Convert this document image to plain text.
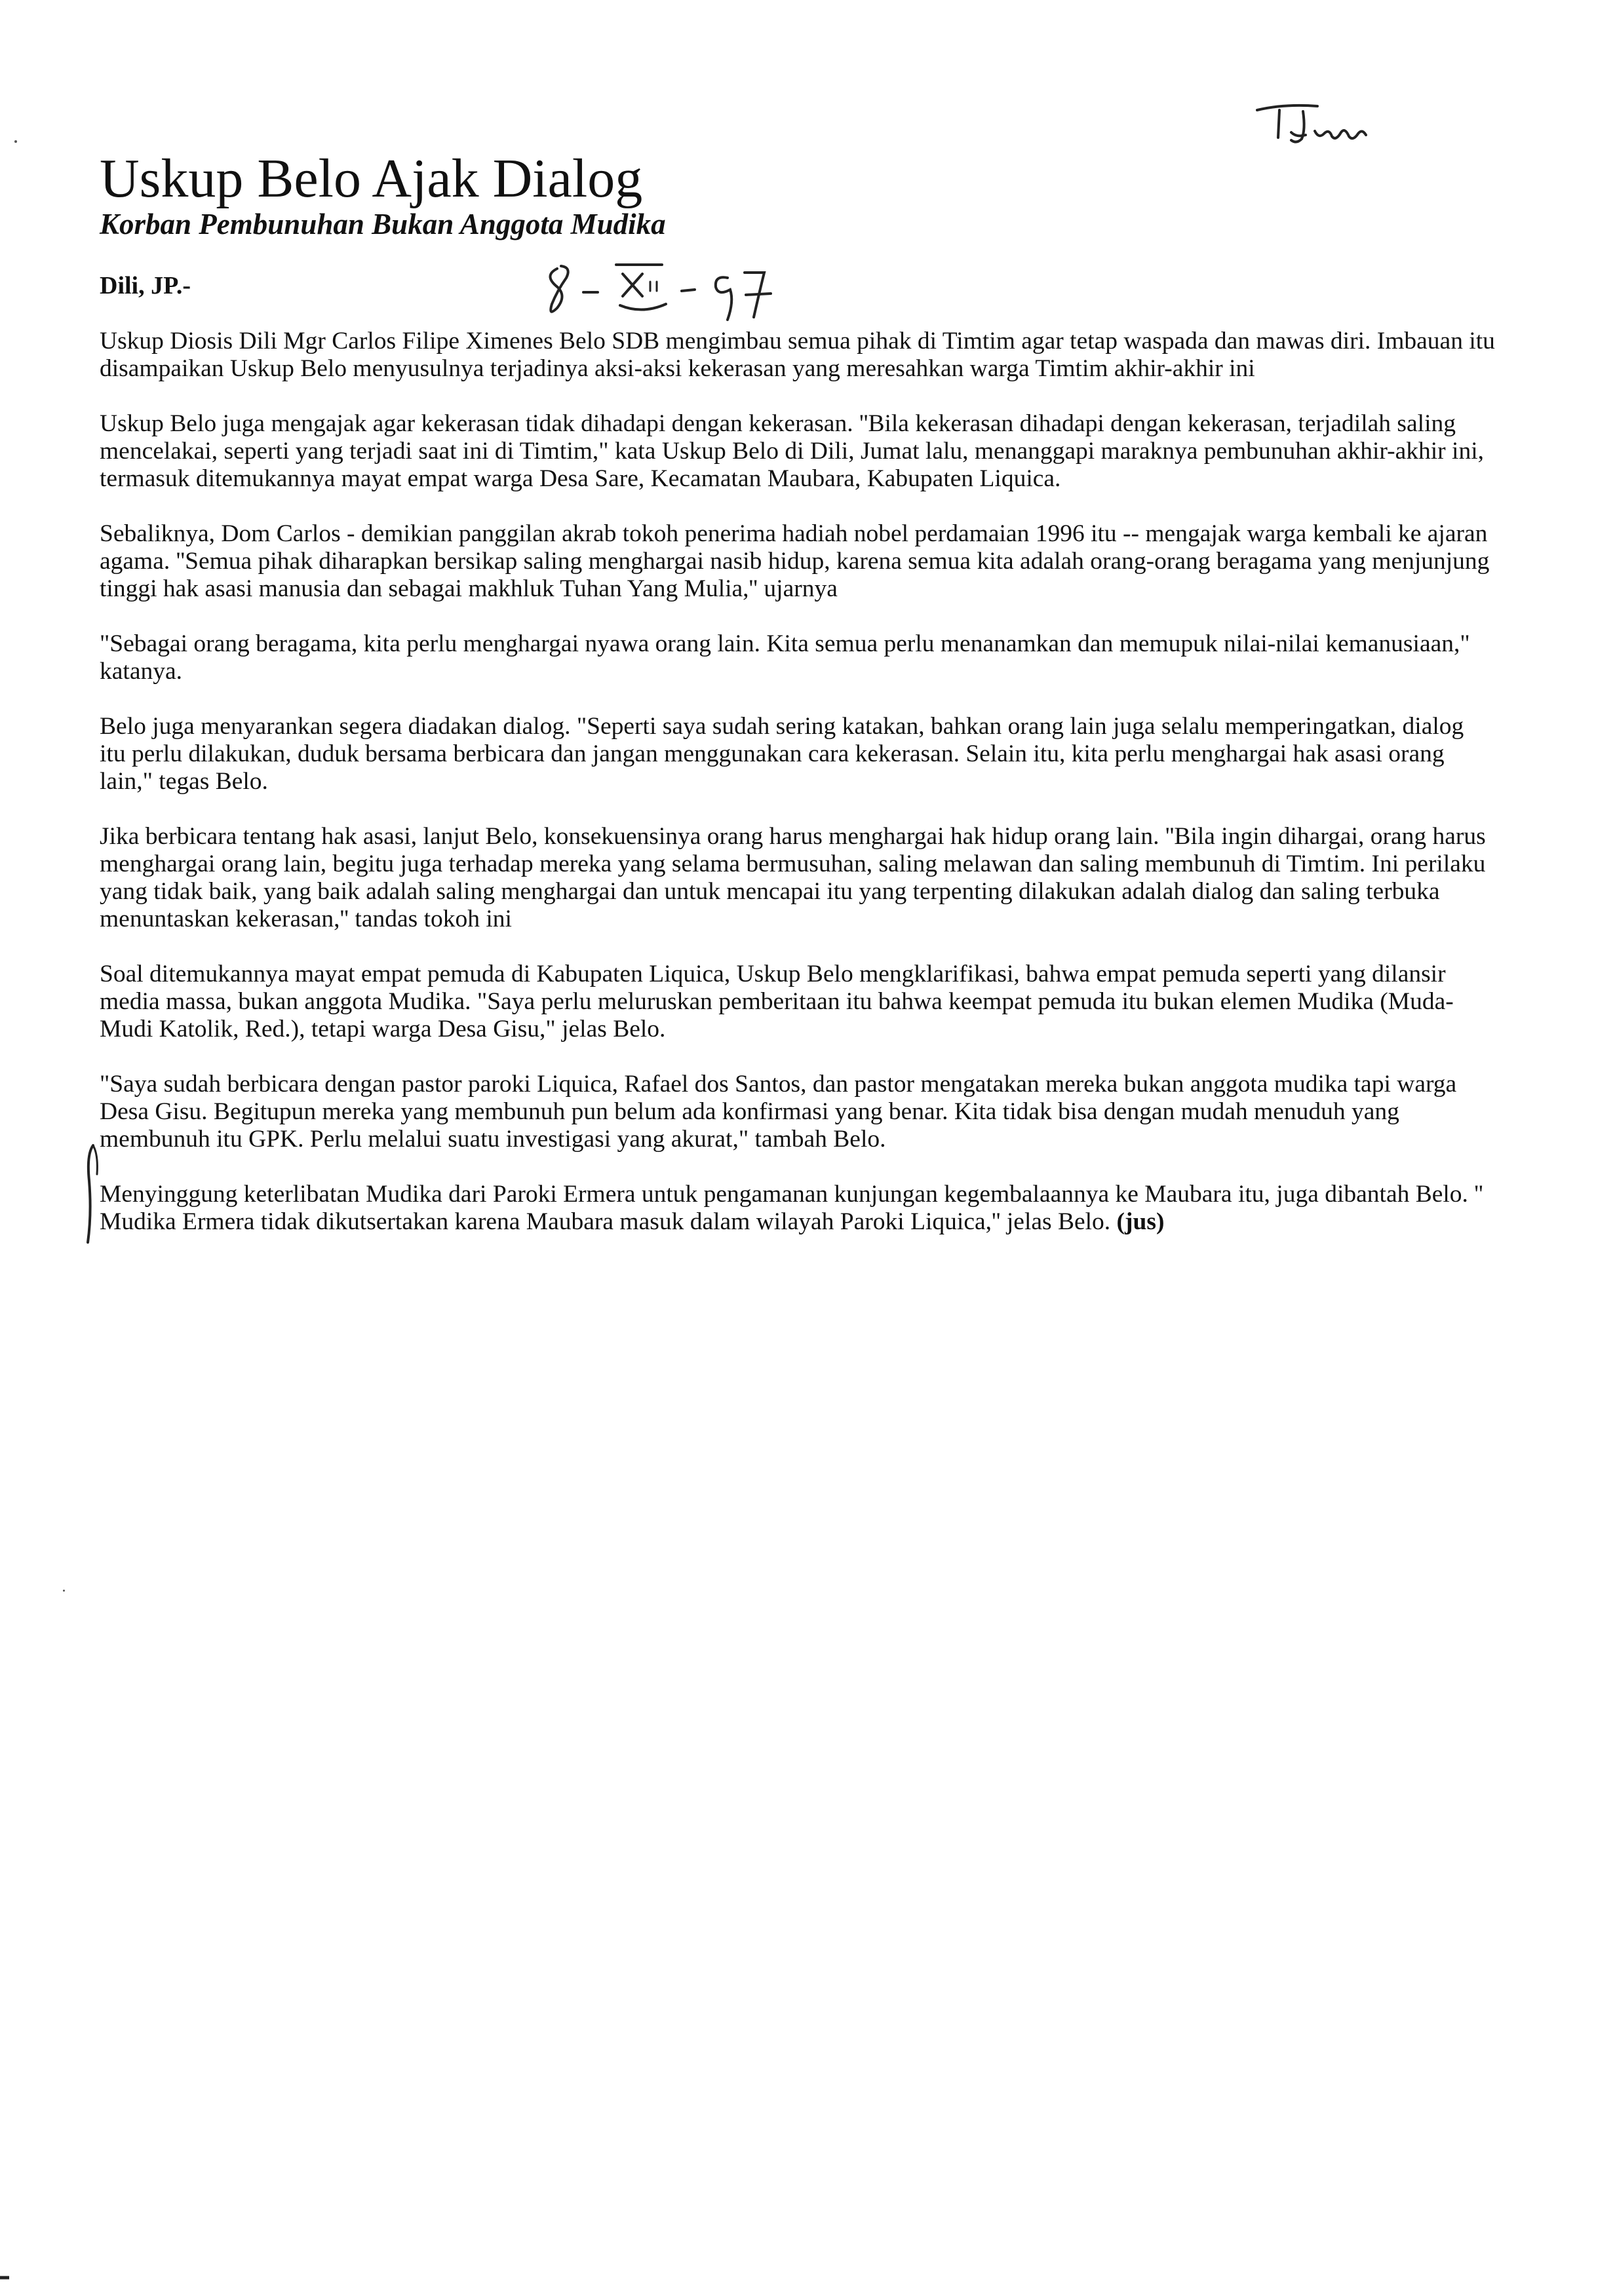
Uskup Belo Ajak Dialog
Korban Pembunuhan Bukan Anggota Mudika
Dili, JP.-

Uskup Diosis Dili Mgr Carlos Filipe Ximenes Belo SDB mengimbau semua pihak di Timtim agar tetap waspada dan mawas diri. Imbauan itu disampaikan Uskup Belo menyusulnya terjadinya aksi-aksi kekerasan yang meresahkan warga Timtim akhir-akhir ini

Uskup Belo juga mengajak agar kekerasan tidak dihadapi dengan kekerasan. ''Bila kekerasan dihadapi dengan kekerasan, terjadilah saling mencelakai, seperti yang terjadi saat ini di Timtim," kata Uskup Belo di Dili, Jumat lalu, menanggapi maraknya pembunuhan akhir-akhir ini, termasuk ditemukannya mayat empat warga Desa Sare, Kecamatan Maubara, Kabupaten Liquica.

Sebaliknya, Dom Carlos - demikian panggilan akrab tokoh penerima hadiah nobel perdamaian 1996 itu -- mengajak warga kembali ke ajaran agama. ''Semua pihak diharapkan bersikap saling menghargai nasib hidup, karena semua kita adalah orang-orang beragama yang menjunjung tinggi hak asasi manusia dan sebagai makhluk Tuhan Yang Mulia,'' ujarnya

"Sebagai orang beragama, kita perlu menghargai nyawa orang lain. Kita semua perlu menanamkan dan memupuk nilai-nilai kemanusiaan," katanya.

Belo juga menyarankan segera diadakan dialog. "Seperti saya sudah sering katakan, bahkan orang lain juga selalu memperingatkan, dialog itu perlu dilakukan, duduk bersama berbicara dan jangan menggunakan cara kekerasan. Selain itu, kita perlu menghargai hak asasi orang lain," tegas Belo.

Jika berbicara tentang hak asasi, lanjut Belo, konsekuensinya orang harus menghargai hak hidup orang lain. ''Bila ingin dihargai, orang harus menghargai orang lain, begitu juga terhadap mereka yang selama bermusuhan, saling melawan dan saling membunuh di Timtim. Ini perilaku yang tidak baik, yang baik adalah saling menghargai dan untuk mencapai itu yang terpenting dilakukan adalah dialog dan saling terbuka menuntaskan kekerasan,'' tandas tokoh ini

Soal ditemukannya mayat empat pemuda di Kabupaten Liquica, Uskup Belo mengklarifikasi, bahwa empat pemuda seperti yang dilansir media massa, bukan anggota Mudika. "Saya perlu meluruskan pemberitaan itu bahwa keempat pemuda itu bukan elemen Mudika (Muda-Mudi Katolik, Red.), tetapi warga Desa Gisu," jelas Belo.

"Saya sudah berbicara dengan pastor paroki Liquica, Rafael dos Santos, dan pastor mengatakan mereka bukan anggota mudika tapi warga Desa Gisu. Begitupun mereka yang membunuh pun belum ada konfirmasi yang benar. Kita tidak bisa dengan mudah menuduh yang membunuh itu GPK. Perlu melalui suatu investigasi yang akurat," tambah Belo.

Menyinggung keterlibatan Mudika dari Paroki Ermera untuk pengamanan kunjungan kegembalaannya ke Maubara itu, juga dibantah Belo. '' Mudika Ermera tidak dikutsertakan karena Maubara masuk dalam wilayah Paroki Liquica,'' jelas Belo. (jus)
